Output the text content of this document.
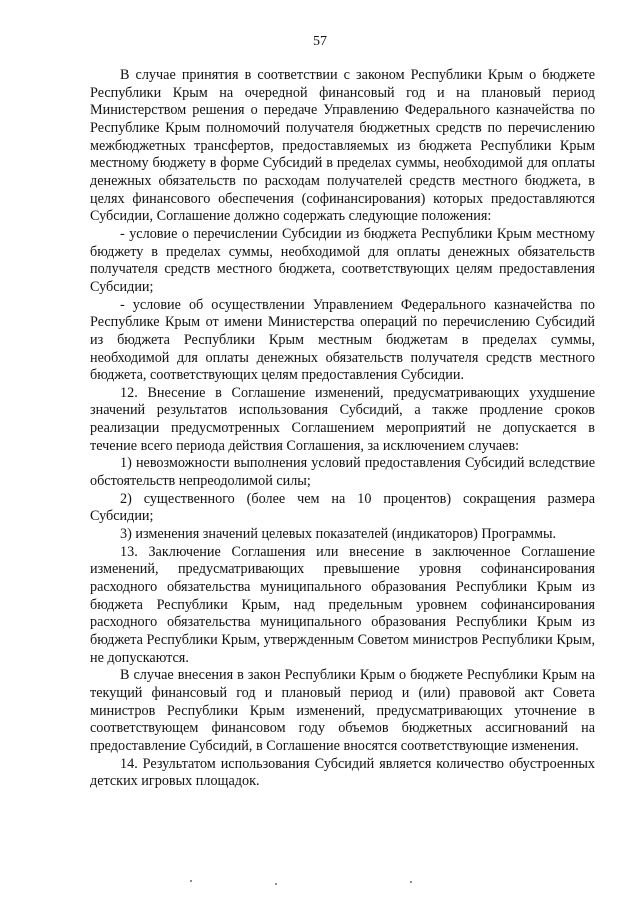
57

В случае принятия в соответствии с законом Республики Крым о бюджете Республики Крым на очередной финансовый год и на плановый период Министерством решения о передаче Управлению Федерального казначейства по Республике Крым полномочий получателя бюджетных средств по перечислению межбюджетных трансфертов, предоставляемых из бюджета Республики Крым местному бюджету в форме Субсидий в пределах суммы, необходимой для оплаты денежных обязательств по расходам получателей средств местного бюджета, в целях финансового обеспечения (софинансирования) которых предоставляются Субсидии, Соглашение должно содержать следующие положения:

- условие о перечислении Субсидии из бюджета Республики Крым местному бюджету в пределах суммы, необходимой для оплаты денежных обязательств получателя средств местного бюджета, соответствующих целям предоставления Субсидии;

- условие об осуществлении Управлением Федерального казначейства по Республике Крым от имени Министерства операций по перечислению Субсидий из бюджета Республики Крым местным бюджетам в пределах суммы, необходимой для оплаты денежных обязательств получателя средств местного бюджета, соответствующих целям предоставления Субсидии.

12. Внесение в Соглашение изменений, предусматривающих ухудшение значений результатов использования Субсидий, а также продление сроков реализации предусмотренных Соглашением мероприятий не допускается в течение всего периода действия Соглашения, за исключением случаев:

1) невозможности выполнения условий предоставления Субсидий вследствие обстоятельств непреодолимой силы;

2) существенного (более чем на 10 процентов) сокращения размера Субсидии;

3) изменения значений целевых показателей (индикаторов) Программы.

13. Заключение Соглашения или внесение в заключенное Соглашение изменений, предусматривающих превышение уровня софинансирования расходного обязательства муниципального образования Республики Крым из бюджета Республики Крым, над предельным уровнем софинансирования расходного обязательства муниципального образования Республики Крым из бюджета Республики Крым, утвержденным Советом министров Республики Крым, не допускаются.

В случае внесения в закон Республики Крым о бюджете Республики Крым на текущий финансовый год и плановый период и (или) правовой акт Совета министров Республики Крым изменений, предусматривающих уточнение в соответствующем финансовом году объемов бюджетных ассигнований на предоставление Субсидий, в Соглашение вносятся соответствующие изменения.

14. Результатом использования Субсидий является количество обустроенных детских игровых площадок.
